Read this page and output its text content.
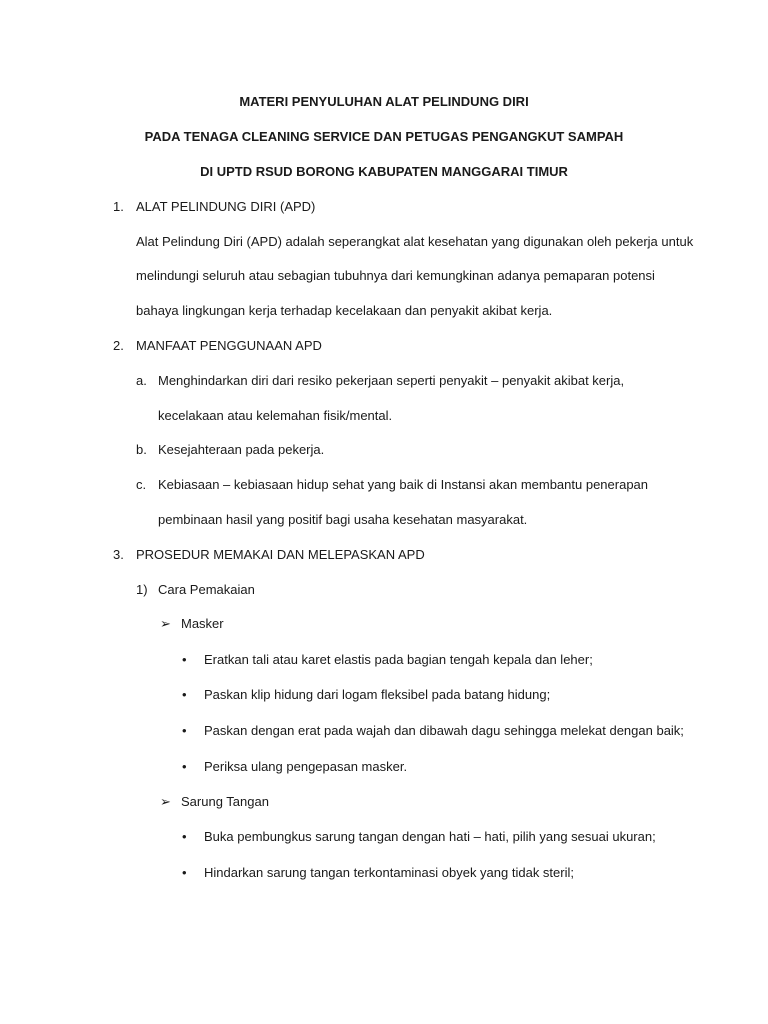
MATERI PENYULUHAN ALAT PELINDUNG DIRI
PADA TENAGA CLEANING SERVICE DAN PETUGAS PENGANGKUT SAMPAH
DI UPTD RSUD BORONG KABUPATEN MANGGARAI TIMUR
1. ALAT PELINDUNG DIRI (APD)
Alat Pelindung Diri (APD) adalah seperangkat alat kesehatan yang digunakan oleh pekerja untuk
melindungi seluruh atau sebagian tubuhnya dari kemungkinan adanya pemaparan potensi
bahaya lingkungan kerja terhadap kecelakaan dan penyakit akibat kerja.
2. MANFAAT PENGGUNAAN APD
a. Menghindarkan diri dari resiko pekerjaan seperti penyakit – penyakit akibat kerja,
kecelakaan atau kelemahan fisik/mental.
b. Kesejahteraan pada pekerja.
c. Kebiasaan – kebiasaan hidup sehat yang baik di Instansi akan membantu penerapan
pembinaan hasil yang positif bagi usaha kesehatan masyarakat.
3. PROSEDUR MEMAKAI DAN MELEPASKAN APD
1) Cara Pemakaian
➢ Masker
• Eratkan tali atau karet elastis pada bagian tengah kepala dan leher;
• Paskan klip hidung dari logam fleksibel pada batang hidung;
• Paskan dengan erat pada wajah dan dibawah dagu sehingga melekat dengan baik;
• Periksa ulang pengepasan masker.
➢ Sarung Tangan
• Buka pembungkus sarung tangan dengan hati – hati, pilih yang sesuai ukuran;
• Hindarkan sarung tangan terkontaminasi obyek yang tidak steril;
